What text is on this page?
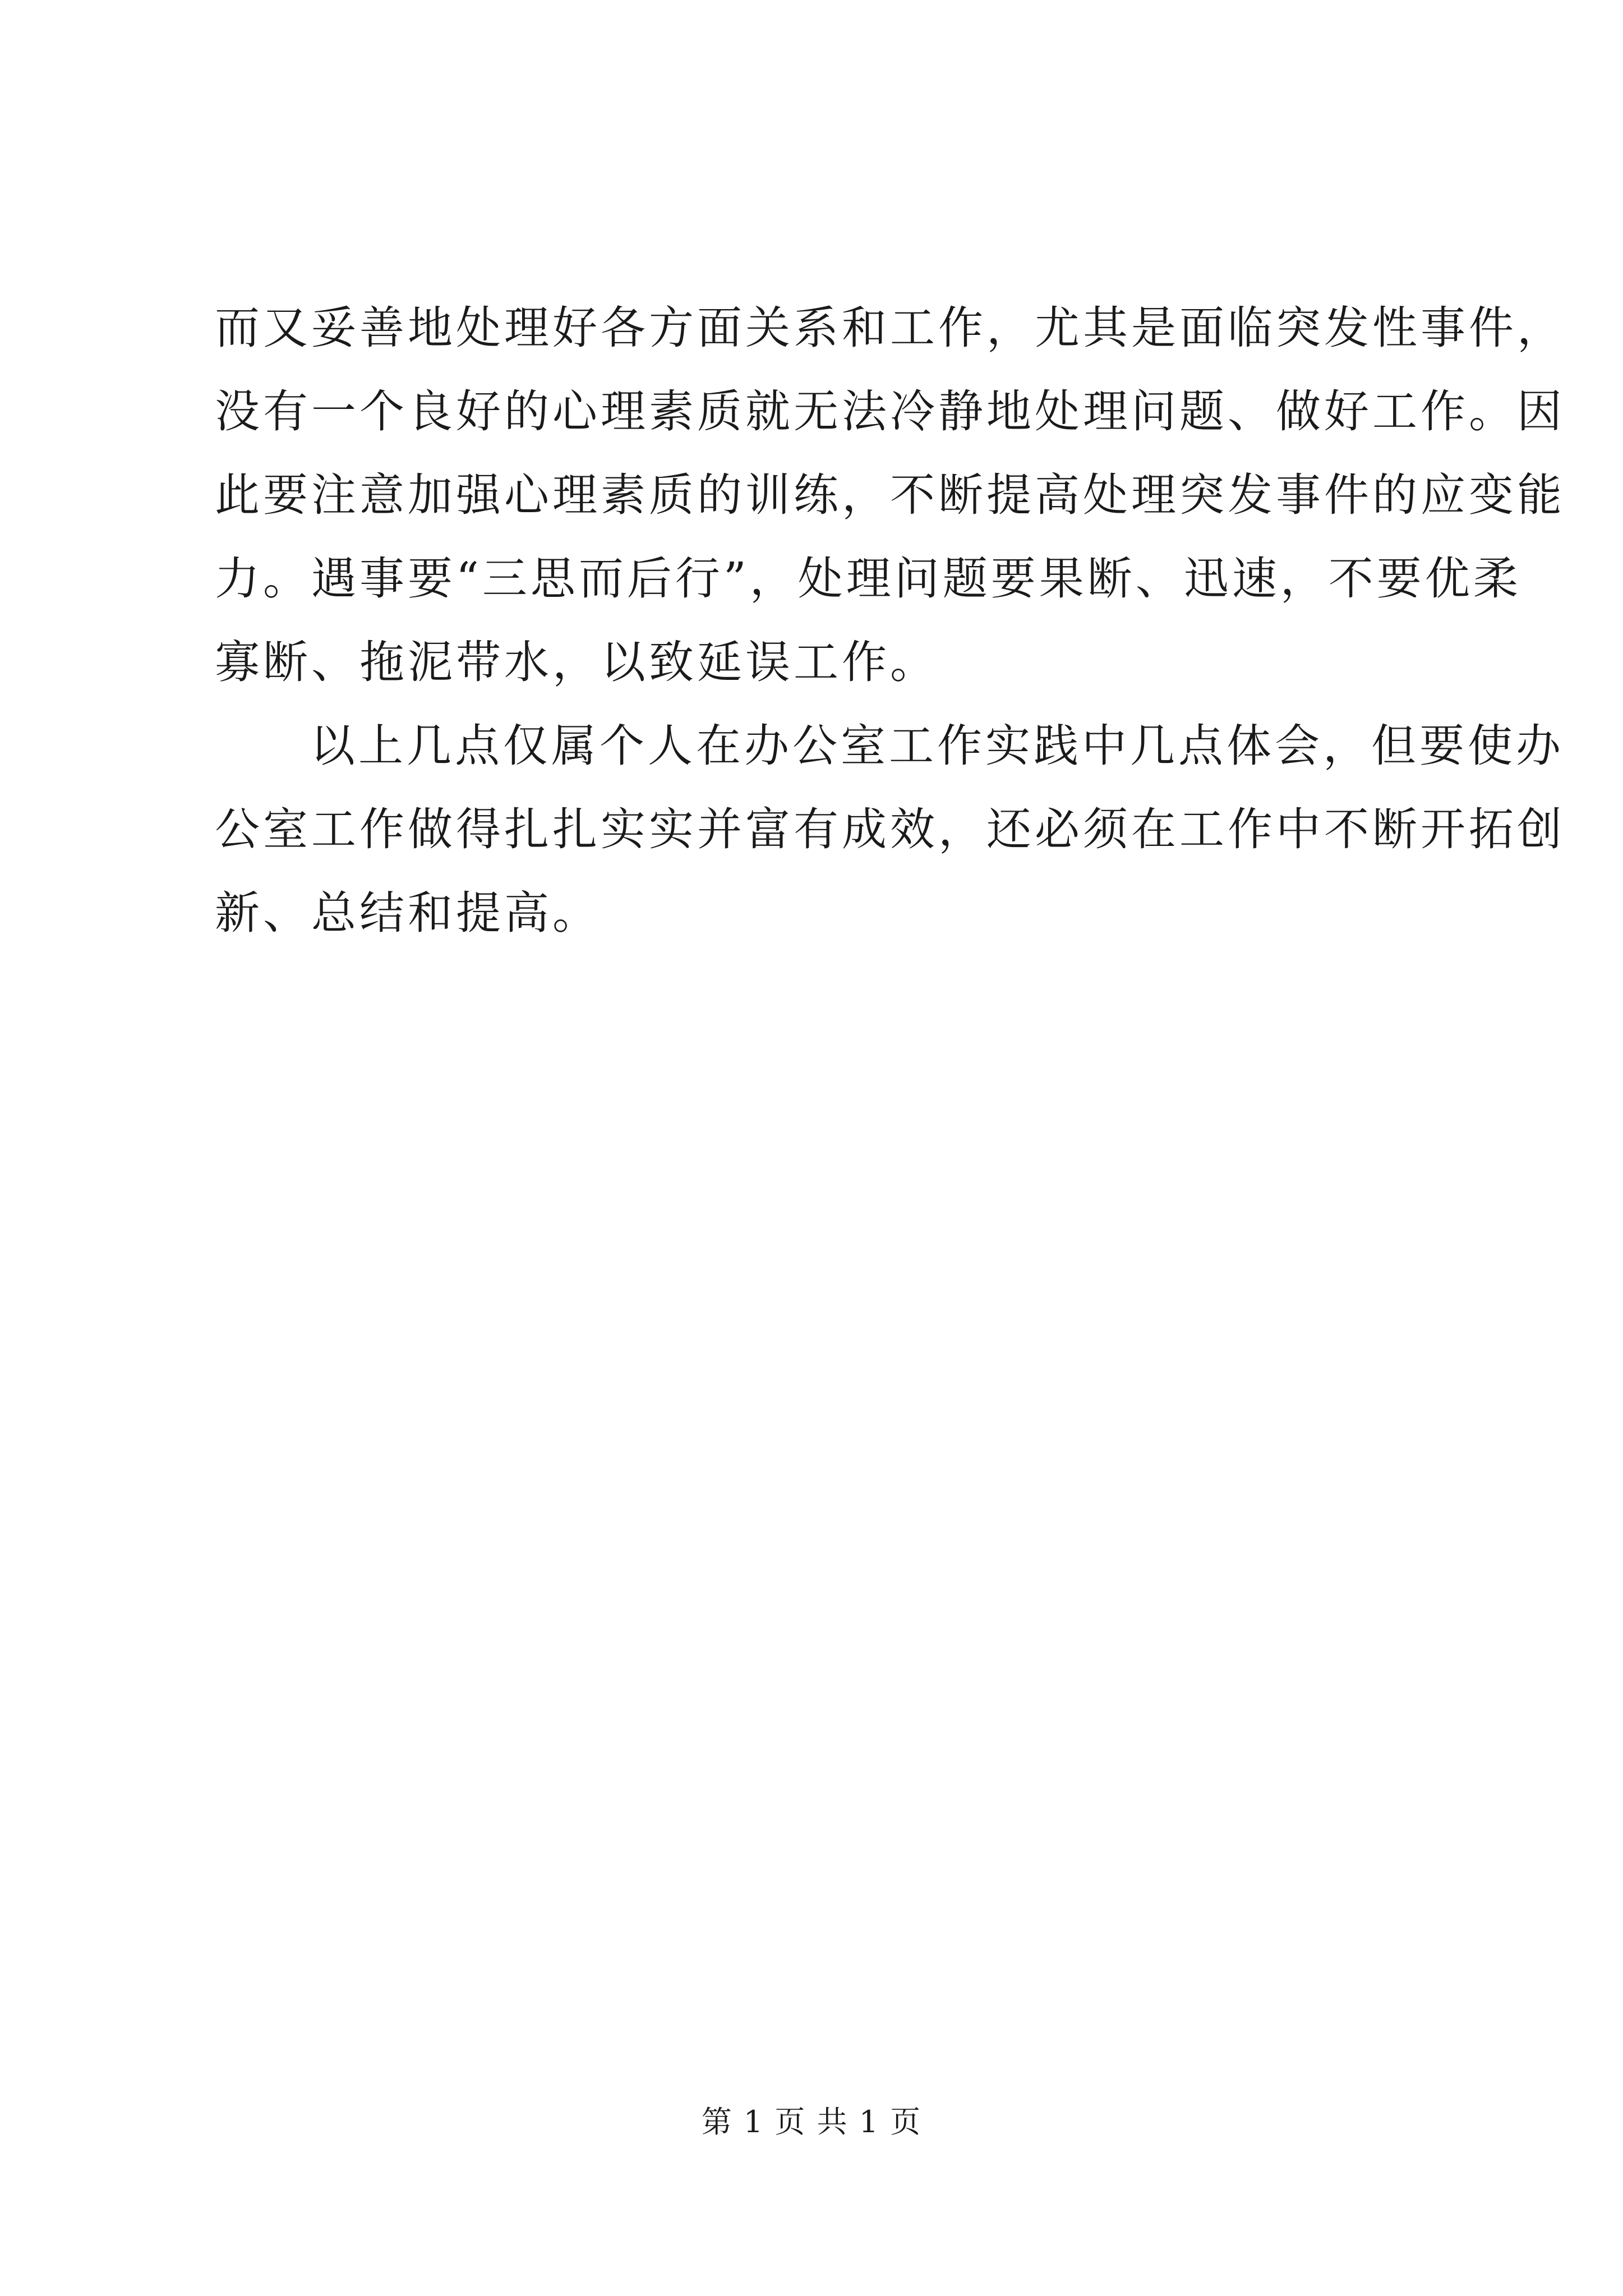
而又妥善地处理好各方面关系和工作，尤其是面临突发性事件，
没有一个良好的心理素质就无法冷静地处理问题、做好工作。因
此要注意加强心理素质的训练，不断提高处理突发事件的应变能
力。遇事要“三思而后行”，处理问题要果断、迅速，不要优柔
寡断、拖泥带水，以致延误工作。
以上几点仅属个人在办公室工作实践中几点体会，但要使办
公室工作做得扎扎实实并富有成效，还必须在工作中不断开拓创
新、总结和提高。
第 1 页 共 1 页
